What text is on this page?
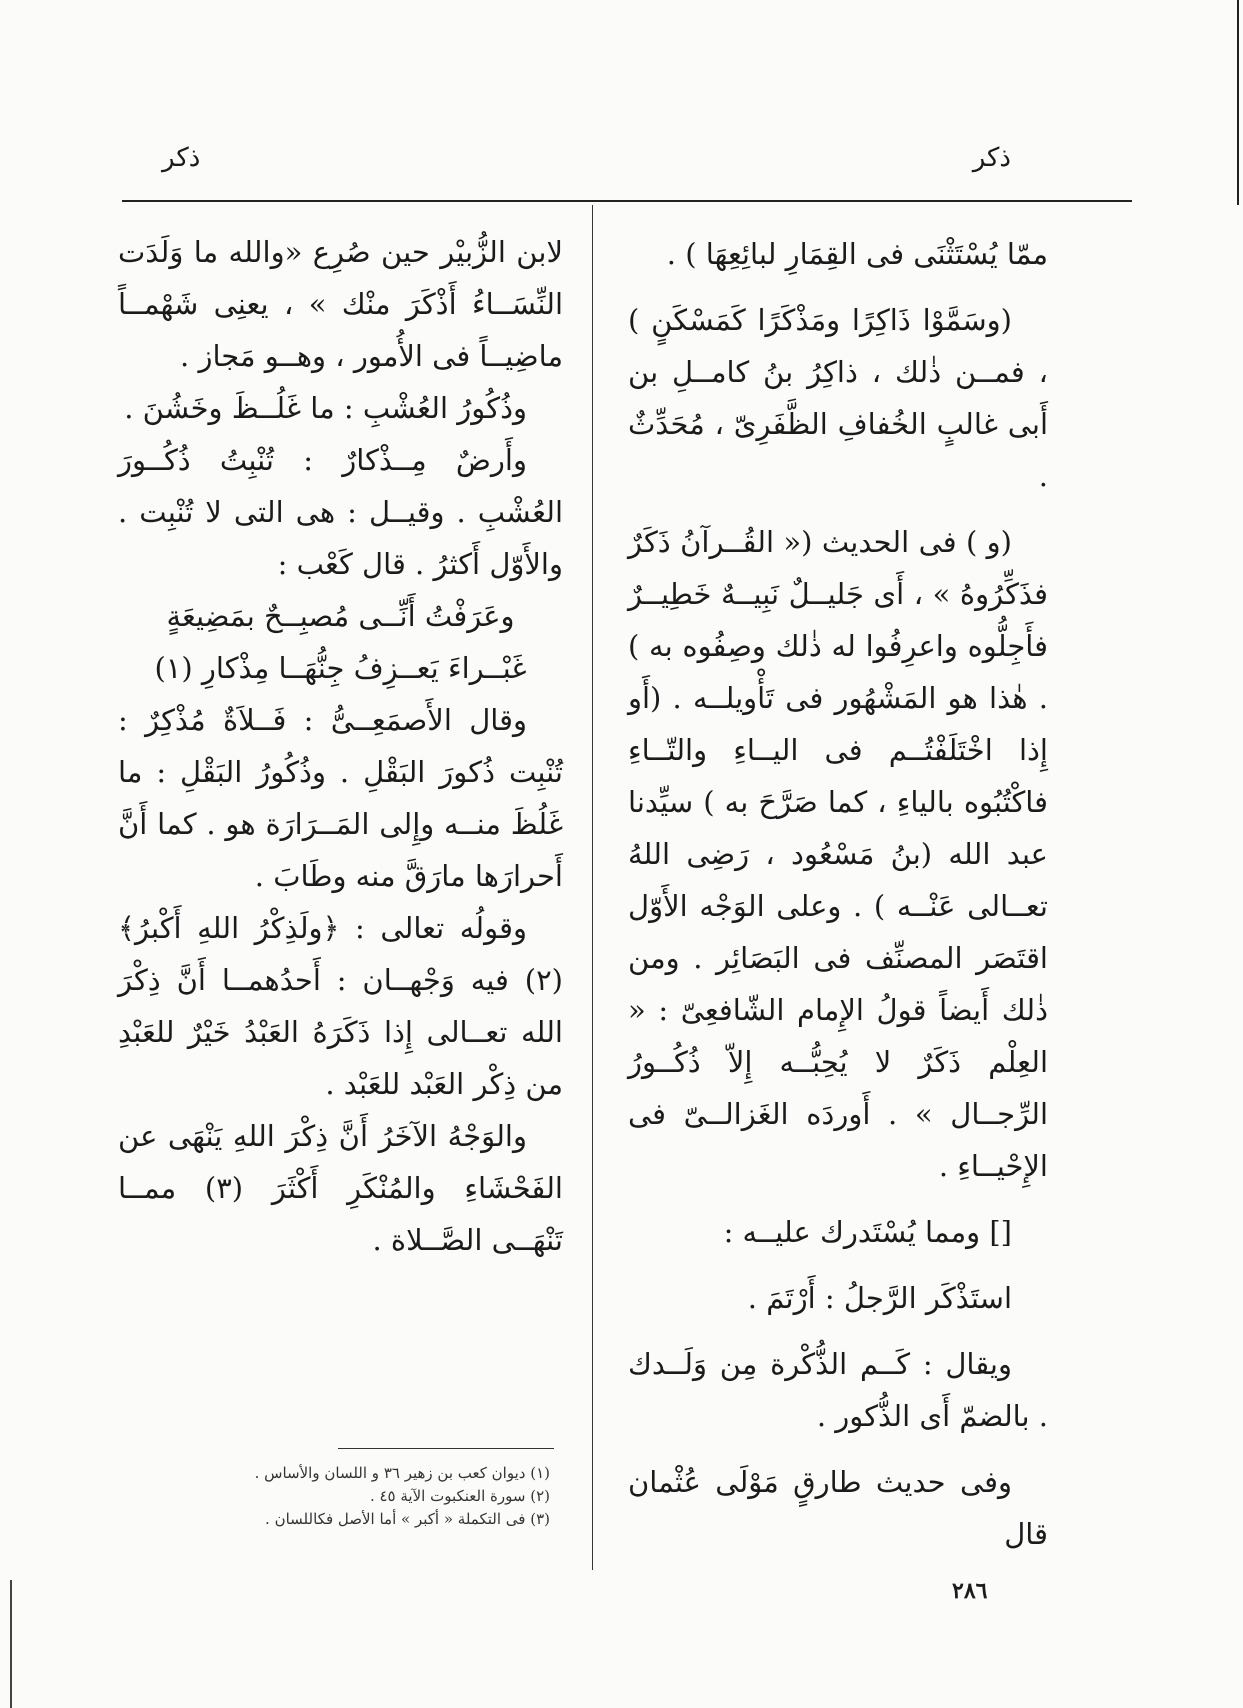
ذكر
ذكر

ممّا يُسْتَثْنَى فى القِمَارِ لبائِعِهَا ) .

(وسَمَّوْا ذَاكِرًا ومَذْكَرًا كَمَسْكَنٍ ) ، فمــن ذٰلك ، ذاكِرُ بنُ كامــلِ بن أَبى غالبٍ الخُفافِ الظَّفَرِىّ ، مُحَدِّثٌ .

(و ) فى الحديث (« القُــرآنُ ذَكَرٌ فذَكِّرُوهُ » ، أَى جَليــلٌ نَبِيــهٌ خَطِيــرٌ فأَجِلُّوه واعرِفُوا له ذٰلك وصِفُوه به ) . هٰذا هو المَشْهُور فى تَأْويلــه . (أَو إِذا اخْتَلَفْتُــم فى اليــاءِ والتّــاءِ فاكْتُبُوه بالياءِ ، كما صَرَّحَ به ) سيِّدنا عبد الله (بنُ مَسْعُود ، رَضِى اللهُ تعــالى عَنْــه ) . وعلى الوَجْه الأَوّل اقتَصَر المصنِّف فى البَصَائِر . ومن ذٰلك أَيضاً قولُ الإِمام الشّافعِىّ : « العِلْم ذَكَرٌ لا يُحِبُّــه إِلاّ ذُكُــورُ الرِّجــال » . أَوردَه الغَزالــىّ فى الإِحْيــاءِ .

[] ومما يُسْتَدرك عليــه :

استَذْكَر الرَّجلُ : أَرْتَمَ .

ويقال : كَــم الذُّكْرة مِن وَلَــدك . بالضمّ أَى الذُّكور .

وفى حديث طارقٍ مَوْلَى عُثْمان قال

لابن الزُّبيْر حين صُرِع «والله ما وَلَدَت النِّسَــاءُ أَذْكَرَ منْك » ، يعنِى شَهْمــاً ماضِيــاً فى الأُمور ، وهــو مَجاز .

وذُكُورُ العُشْبِ : ما غَلُــظَ وخَشُنَ .

وأَرضٌ مِــذْكارٌ : تُنْبِتُ ذُكُــورَ العُشْبِ . وقيــل : هى التى لا تُنْبِت . والأَوّل أَكثرُ . قال كَعْب :

وعَرَفْتُ أَنِّــى مُصبِــحٌ بمَضِيعَةٍ

غَبْــراءَ يَعــزِفُ جِنُّهَــا مِذْكارِ (١)

وقال الأَصمَعِــىُّ : فَــلاَةٌ مُذْكِرٌ : تُنْبِت ذُكورَ البَقْلِ . وذُكُورُ البَقْلِ : ما غَلُظَ منــه وإِلى المَــرَارَة هو . كما أَنَّ أَحرارَها مارَقَّ منه وطَابَ .

وقولُه تعالى : ﴿ولَذِكْرُ اللهِ أَكْبرُ﴾ (٢) فيه وَجْهــان : أَحدُهمــا أَنَّ ذِكْرَ الله تعــالى إِذا ذَكَرَهُ العَبْدُ خَيْرٌ للعَبْدِ من ذِكْر العَبْد للعَبْد .

والوَجْهُ الآخَرُ أَنَّ ذِكْرَ اللهِ يَنْهَى عن الفَحْشَاءِ والمُنْكَرِ أَكْثَرَ (٣) ممــا تَنْهَــى الصَّــلاة .

(١) ديوان كعب بن زهير ٣٦ و اللسان والأساس .
(٢) سورة العنكبوت الآية ٤٥ .
(٣) فى التكملة « أكبر » أما الأصل فكاللسان .
٢٨٦
